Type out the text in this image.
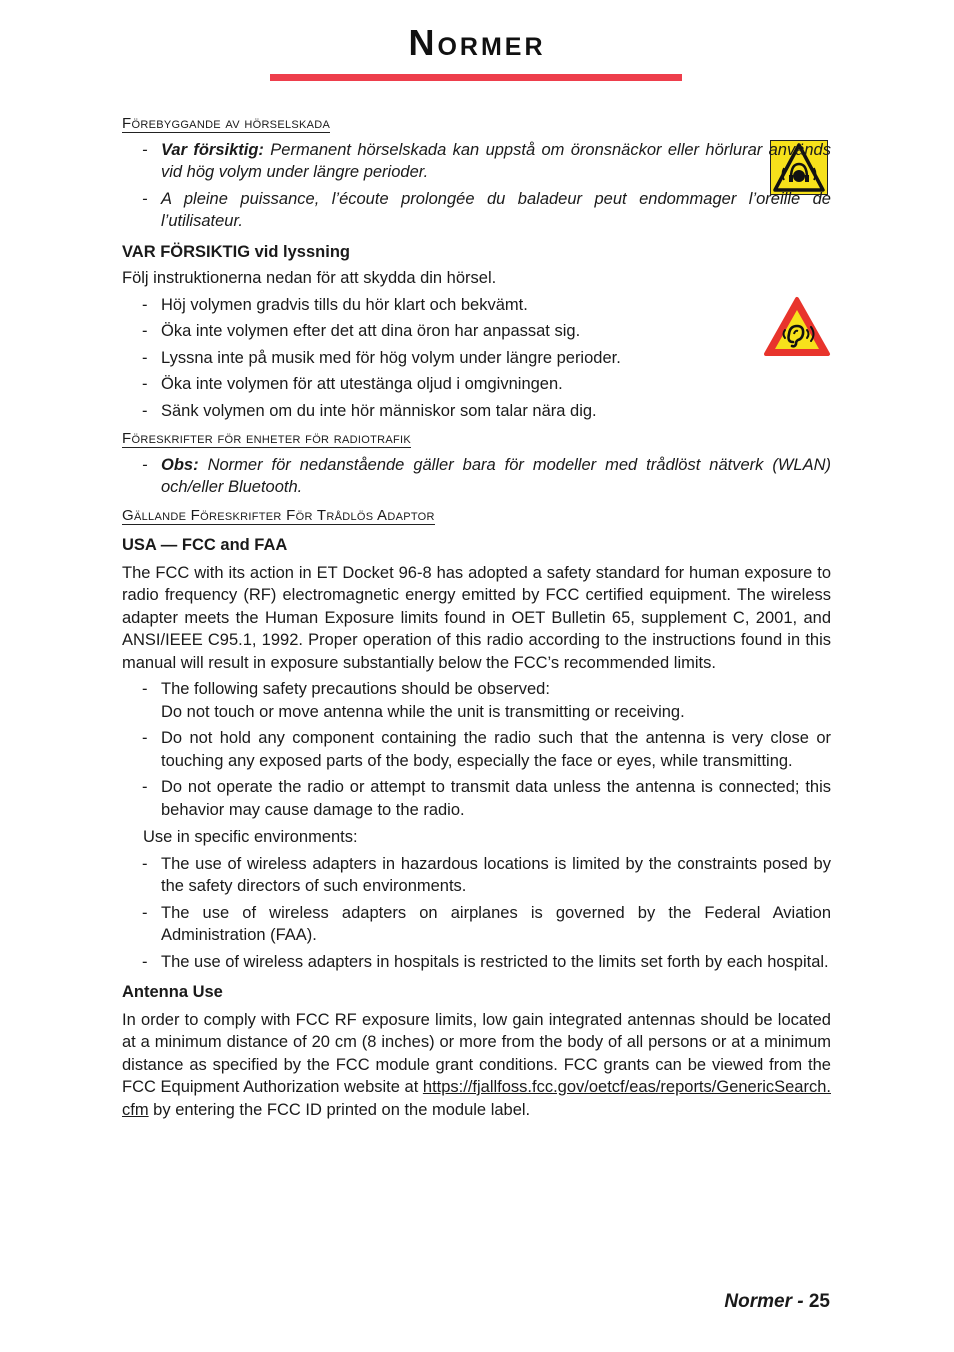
Normer
Förebyggande av hörselskada
- Var försiktig: Permanent hörselskada kan uppstå om öronsnäckor eller hörlurar används vid hög volym under längre perioder.
- A pleine puissance, l’écoute prolongée du baladeur peut endommager l’oreille de l’utilisateur.
VAR FÖRSIKTIG vid lyssning
Följ instruktionerna nedan för att skydda din hörsel.
- Höj volymen gradvis tills du hör klart och bekvämt.
- Öka inte volymen efter det att dina öron har anpassat sig.
- Lyssna inte på musik med för hög volym under längre perioder.
- Öka inte volymen för att utestänga oljud i omgivningen.
- Sänk volymen om du inte hör människor som talar nära dig.
Föreskrifter för enheter för radiotrafik
- Obs: Normer för nedanstående gäller bara för modeller med trådlöst nätverk (WLAN) och/eller Bluetooth.
Gällande Föreskrifter För Trådlös Adaptor
USA — FCC and FAA
The FCC with its action in ET Docket 96-8 has adopted a safety standard for human exposure to radio frequency (RF) electromagnetic energy emitted by FCC certified equipment. The wireless adapter meets the Human Exposure limits found in OET Bulletin 65, supplement C, 2001, and ANSI/IEEE C95.1, 1992. Proper operation of this radio according to the instructions found in this manual will result in exposure substantially below the FCC’s recommended limits.
- The following safety precautions should be observed:
Do not touch or move antenna while the unit is transmitting or receiving.
- Do not hold any component containing the radio such that the antenna is very close or touching any exposed parts of the body, especially the face or eyes, while transmitting.
- Do not operate the radio or attempt to transmit data unless the antenna is connected; this behavior may cause damage to the radio.
Use in specific environments:
- The use of wireless adapters in hazardous locations is limited by the constraints posed by the safety directors of such environments.
- The use of wireless adapters on airplanes is governed by the Federal Aviation Administration (FAA).
- The use of wireless adapters in hospitals is restricted to the limits set forth by each hospital.
Antenna Use
In order to comply with FCC RF exposure limits, low gain integrated antennas should be located at a minimum distance of 20 cm (8 inches) or more from the body of all persons or at a minimum distance as specified by the FCC module grant conditions. FCC grants can be viewed from the FCC Equipment Authorization website at https://fjallfoss.fcc.gov/oetcf/eas/reports/GenericSearch.cfm by entering the FCC ID printed on the module label.
Normer - 25
